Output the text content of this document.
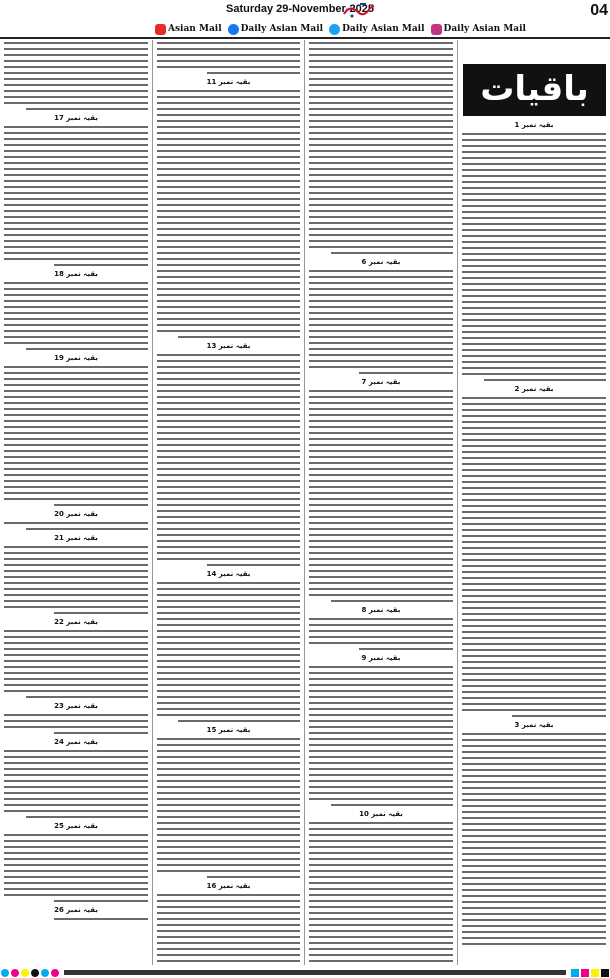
Saturday 29-November-2025	04
Asian Mail Daily Asian Mail Daily Asian Mail Daily Asian Mail
باقیات
بقیہ نمبر 1
بقیہ نمبر 2
بقیہ نمبر 3
بقیہ نمبر 6
بقیہ نمبر 7
بقیہ نمبر 8
بقیہ نمبر 9
بقیہ نمبر 10
بقیہ نمبر 11
بقیہ نمبر 13
بقیہ نمبر 14
بقیہ نمبر 15
بقیہ نمبر 16
بقیہ نمبر 17
بقیہ نمبر 18
بقیہ نمبر 19
بقیہ نمبر 20
بقیہ نمبر 21
بقیہ نمبر 22
بقیہ نمبر 23
بقیہ نمبر 24
بقیہ نمبر 25
بقیہ نمبر 26
